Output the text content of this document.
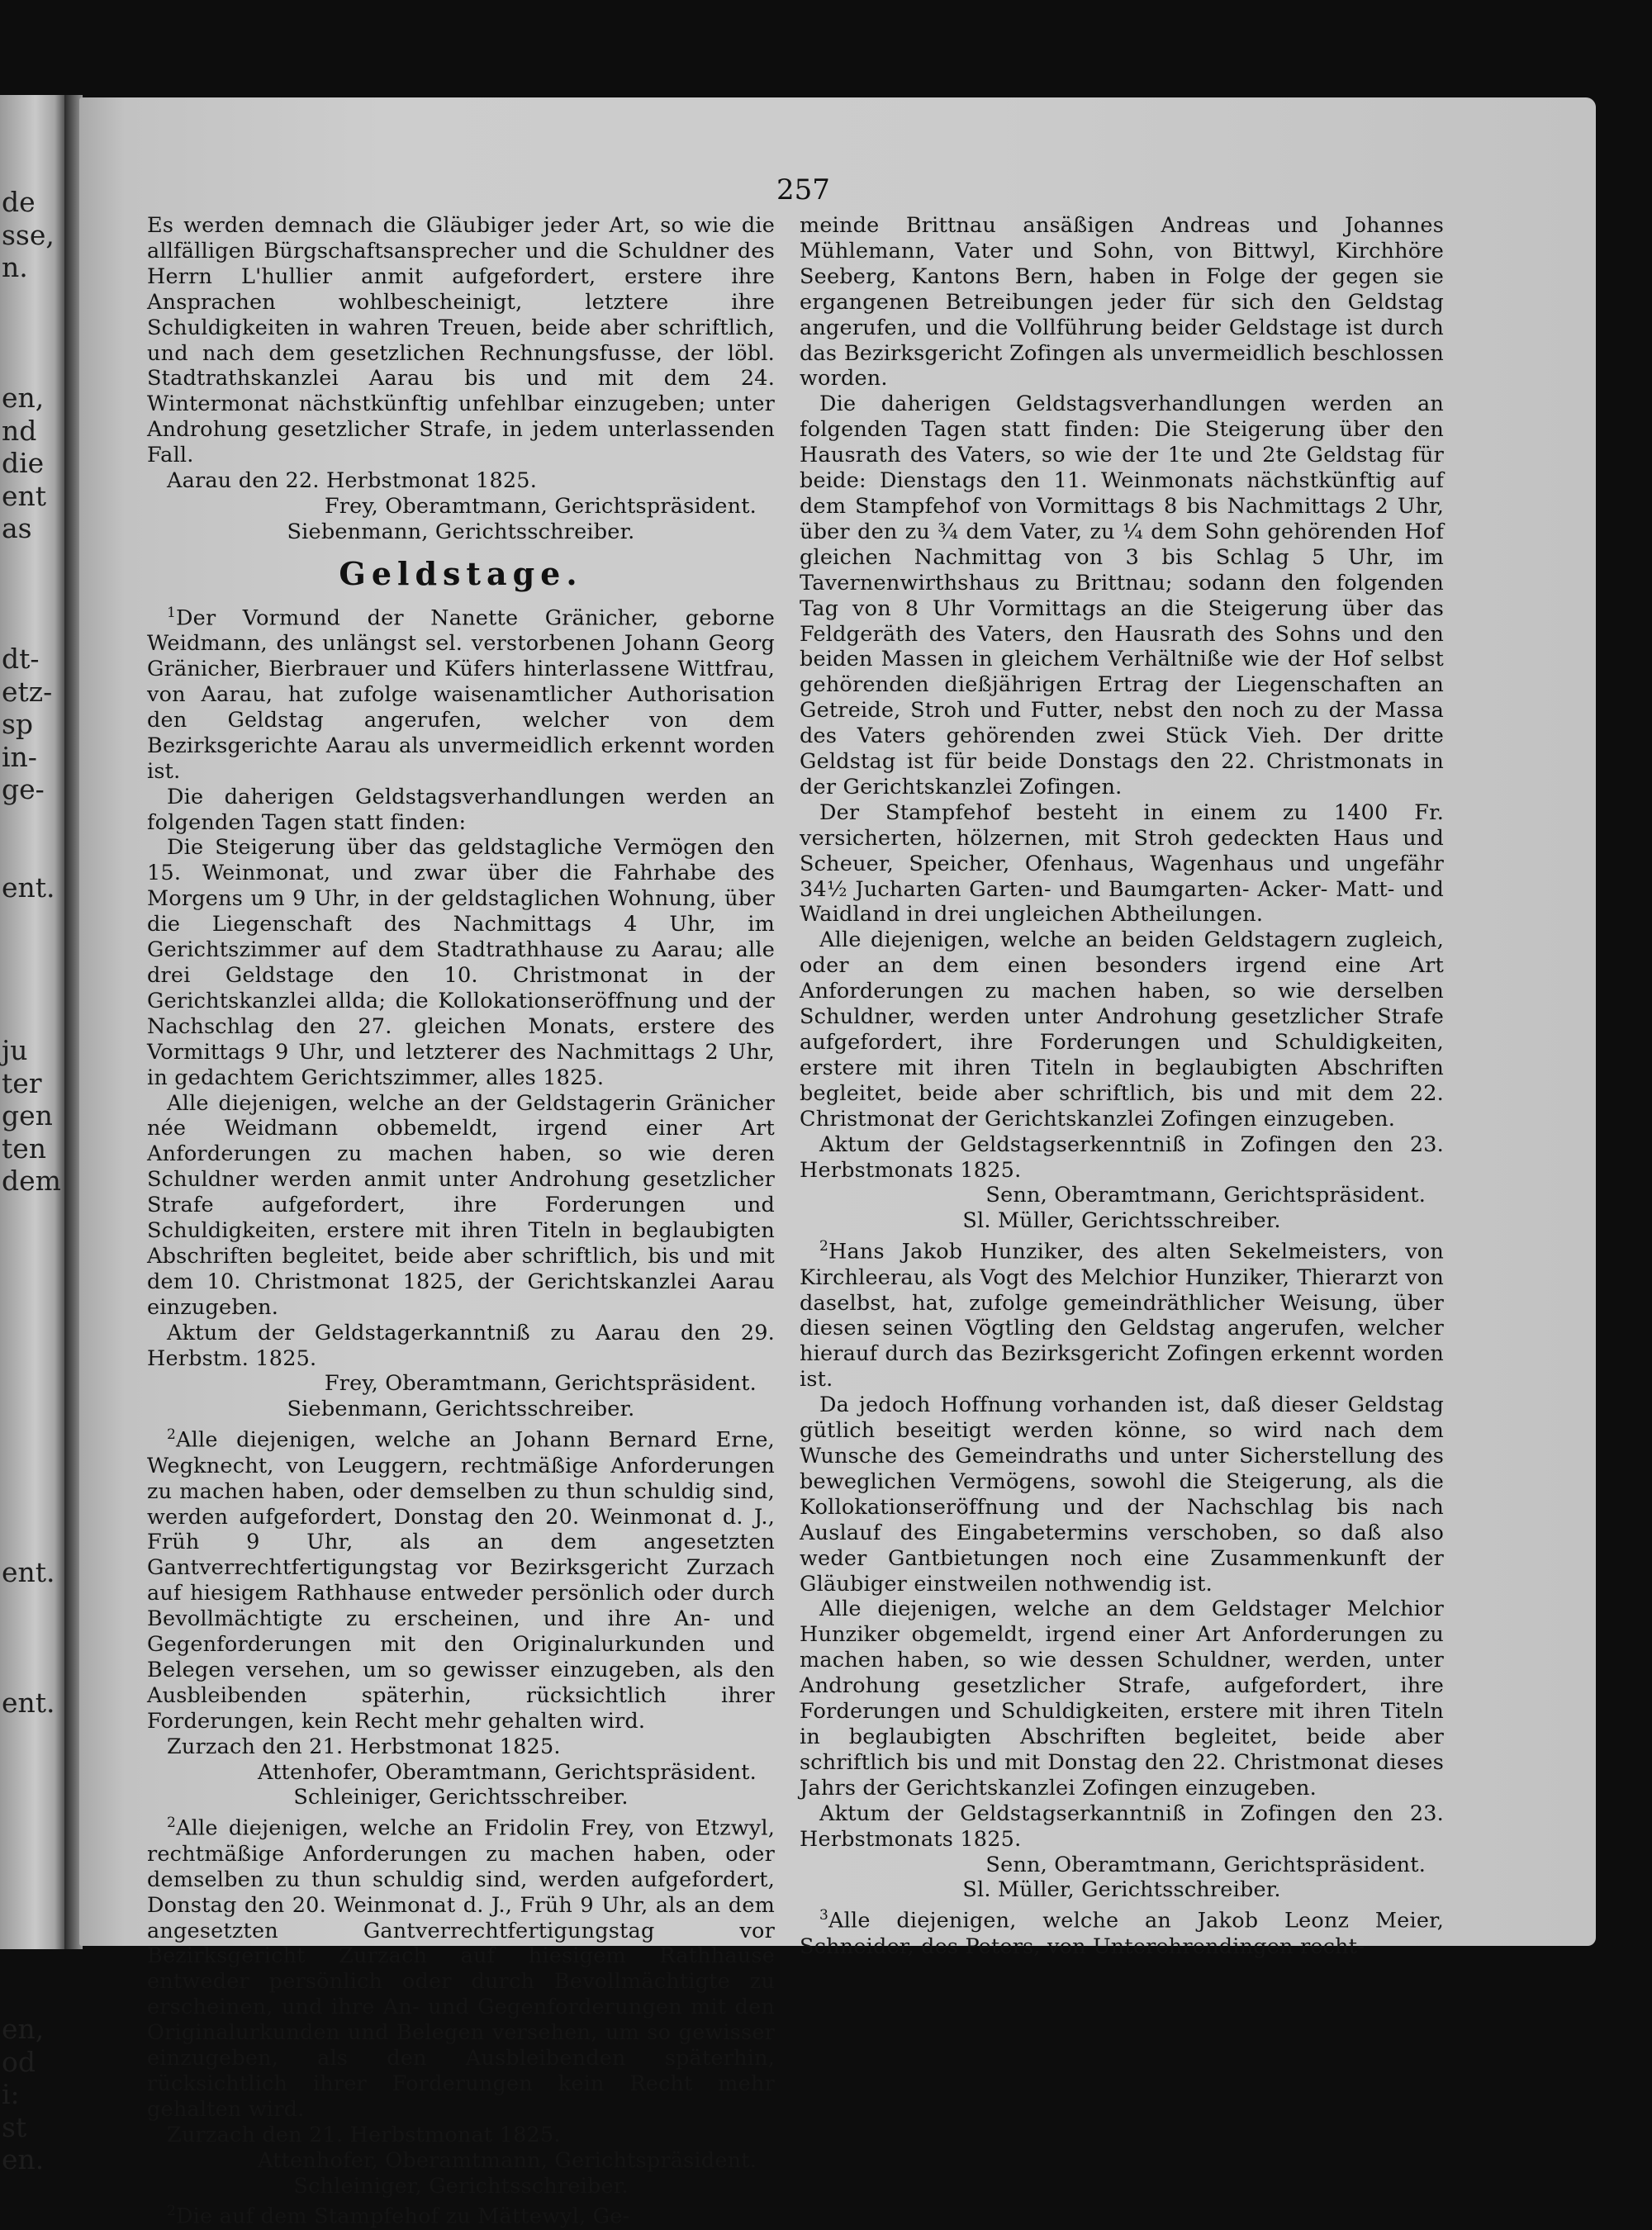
de
sse,
n.
en,
nd
die
ent
as
dt-
etz-
sp
in-
ge-
ent.
ju
ter
gen
ten
dem
ent.
ent.
en,
od
i:
st
en.
257

Es werden demnach die Gläubiger jeder Art, so wie die allfälligen Bürgschaftsansprecher und die Schuldner des Herrn L'hullier anmit aufgefordert, erstere ihre Ansprachen wohlbescheinigt, letztere ihre Schuldigkeiten in wahren Treuen, beide aber schriftlich, und nach dem gesetzlichen Rechnungsfusse, der löbl. Stadtrathskanzlei Aarau bis und mit dem 24. Wintermonat nächstkünftig unfehlbar einzugeben; unter Androhung gesetzlicher Strafe, in jedem unterlassenden Fall.

Aarau den 22. Herbstmonat 1825.

Frey, Oberamtmann, Gerichtspräsident.

Siebenmann, Gerichtsschreiber.

Geldstage.

$^1$Der Vormund der Nanette Gränicher, geborne Weidmann, des unlängst sel. verstorbenen Johann Georg Gränicher, Bierbrauer und Küfers hinterlassene Wittfrau, von Aarau, hat zufolge waisenamtlicher Authorisation den Geldstag angerufen, welcher von dem Bezirksgerichte Aarau als unvermeidlich erkennt worden ist.

Die daherigen Geldstagsverhandlungen werden an folgenden Tagen statt finden:

Die Steigerung über das geldstagliche Vermögen den 15. Weinmonat, und zwar über die Fahrhabe des Morgens um 9 Uhr, in der geldstaglichen Wohnung, über die Liegenschaft des Nachmittags 4 Uhr, im Gerichtszimmer auf dem Stadtrathhause zu Aarau; alle drei Geldstage den 10. Christmonat in der Gerichtskanzlei allda; die Kollokationseröffnung und der Nachschlag den 27. gleichen Monats, erstere des Vormittags 9 Uhr, und letzterer des Nachmittags 2 Uhr, in gedachtem Gerichtszimmer, alles 1825.

Alle diejenigen, welche an der Geldstagerin Gränicher née Weidmann obbemeldt, irgend einer Art Anforderungen zu machen haben, so wie deren Schuldner werden anmit unter Androhung gesetzlicher Strafe aufgefordert, ihre Forderungen und Schuldigkeiten, erstere mit ihren Titeln in beglaubigten Abschriften begleitet, beide aber schriftlich, bis und mit dem 10. Christmonat 1825, der Gerichtskanzlei Aarau einzugeben.

Aktum der Geldstagerkanntniß zu Aarau den 29. Herbstm. 1825.

Frey, Oberamtmann, Gerichtspräsident.

Siebenmann, Gerichtsschreiber.

$^2$Alle diejenigen, welche an Johann Bernard Erne, Wegknecht, von Leuggern, rechtmäßige Anforderungen zu machen haben, oder demselben zu thun schuldig sind, werden aufgefordert, Donstag den 20. Weinmonat d. J., Früh 9 Uhr, als an dem angesetzten Gantverrechtfertigungstag vor Bezirksgericht Zurzach auf hiesigem Rathhause entweder persönlich oder durch Bevollmächtigte zu erscheinen, und ihre An- und Gegenforderungen mit den Originalurkunden und Belegen versehen, um so gewisser einzugeben, als den Ausbleibenden späterhin, rücksichtlich ihrer Forderungen, kein Recht mehr gehalten wird.

Zurzach den 21. Herbstmonat 1825.

Attenhofer, Oberamtmann, Gerichtspräsident.

Schleiniger, Gerichtsschreiber.

$^2$Alle diejenigen, welche an Fridolin Frey, von Etzwyl, rechtmäßige Anforderungen zu machen haben, oder demselben zu thun schuldig sind, werden aufgefordert, Donstag den 20. Weinmonat d. J., Früh 9 Uhr, als an dem angesetzten Gantverrechtfertigungstag vor Bezirksgericht Zurzach auf hiesigem Rathhause entweder persönlich oder durch Bevollmächtigte zu erscheinen, und ihre An- und Gegenforderungen mit den Originalurkunden und Belegen versehen, um so gewisser einzugeben, als den Ausbleibenden späterhin, rücksichtlich ihrer Forderungen kein Recht mehr gehalten wird.

Zurzach den 21. Herbstmonat 1825.

Attenhofer, Oberamtmann, Gerichtspräsident.

Schleiniger, Gerichtsschreiber.

$^2$Die auf dem Stampfehof zu Mättewyl, Ge-

meinde Brittnau ansäßigen Andreas und Johannes Mühlemann, Vater und Sohn, von Bittwyl, Kirchhöre Seeberg, Kantons Bern, haben in Folge der gegen sie ergangenen Betreibungen jeder für sich den Geldstag angerufen, und die Vollführung beider Geldstage ist durch das Bezirksgericht Zofingen als unvermeidlich beschlossen worden.

Die daherigen Geldstagsverhandlungen werden an folgenden Tagen statt finden: Die Steigerung über den Hausrath des Vaters, so wie der 1te und 2te Geldstag für beide: Dienstags den 11. Weinmonats nächstkünftig auf dem Stampfehof von Vormittags 8 bis Nachmittags 2 Uhr, über den zu ¾ dem Vater, zu ¼ dem Sohn gehörenden Hof gleichen Nachmittag von 3 bis Schlag 5 Uhr, im Tavernenwirthshaus zu Brittnau; sodann den folgenden Tag von 8 Uhr Vormittags an die Steigerung über das Feldgeräth des Vaters, den Hausrath des Sohns und den beiden Massen in gleichem Verhältniße wie der Hof selbst gehörenden dießjährigen Ertrag der Liegenschaften an Getreide, Stroh und Futter, nebst den noch zu der Massa des Vaters gehörenden zwei Stück Vieh. Der dritte Geldstag ist für beide Donstags den 22. Christmonats in der Gerichtskanzlei Zofingen.

Der Stampfehof besteht in einem zu 1400 Fr. versicherten, hölzernen, mit Stroh gedeckten Haus und Scheuer, Speicher, Ofenhaus, Wagenhaus und ungefähr 34½ Jucharten Garten- und Baumgarten- Acker- Matt- und Waidland in drei ungleichen Abtheilungen.

Alle diejenigen, welche an beiden Geldstagern zugleich, oder an dem einen besonders irgend eine Art Anforderungen zu machen haben, so wie derselben Schuldner, werden unter Androhung gesetzlicher Strafe aufgefordert, ihre Forderungen und Schuldigkeiten, erstere mit ihren Titeln in beglaubigten Abschriften begleitet, beide aber schriftlich, bis und mit dem 22. Christmonat der Gerichtskanzlei Zofingen einzugeben.

Aktum der Geldstagserkenntniß in Zofingen den 23. Herbstmonats 1825.

Senn, Oberamtmann, Gerichtspräsident.

Sl. Müller, Gerichtsschreiber.

$^2$Hans Jakob Hunziker, des alten Sekelmeisters, von Kirchleerau, als Vogt des Melchior Hunziker, Thierarzt von daselbst, hat, zufolge gemeindräthlicher Weisung, über diesen seinen Vögtling den Geldstag angerufen, welcher hierauf durch das Bezirksgericht Zofingen erkennt worden ist.

Da jedoch Hoffnung vorhanden ist, daß dieser Geldstag gütlich beseitigt werden könne, so wird nach dem Wunsche des Gemeindraths und unter Sicherstellung des beweglichen Vermögens, sowohl die Steigerung, als die Kollokationseröffnung und der Nachschlag bis nach Auslauf des Eingabetermins verschoben, so daß also weder Gantbietungen noch eine Zusammenkunft der Gläubiger einstweilen nothwendig ist.

Alle diejenigen, welche an dem Geldstager Melchior Hunziker obgemeldt, irgend einer Art Anforderungen zu machen haben, so wie dessen Schuldner, werden, unter Androhung gesetzlicher Strafe, aufgefordert, ihre Forderungen und Schuldigkeiten, erstere mit ihren Titeln in beglaubigten Abschriften begleitet, beide aber schriftlich bis und mit Donstag den 22. Christmonat dieses Jahrs der Gerichtskanzlei Zofingen einzugeben.

Aktum der Geldstagserkanntniß in Zofingen den 23. Herbstmonats 1825.

Senn, Oberamtmann, Gerichtspräsident.

Sl. Müller, Gerichtsschreiber.

$^3$Alle diejenigen, welche an Jakob Leonz Meier, Schneider, des Peters, von Unterehrendingen recht-
